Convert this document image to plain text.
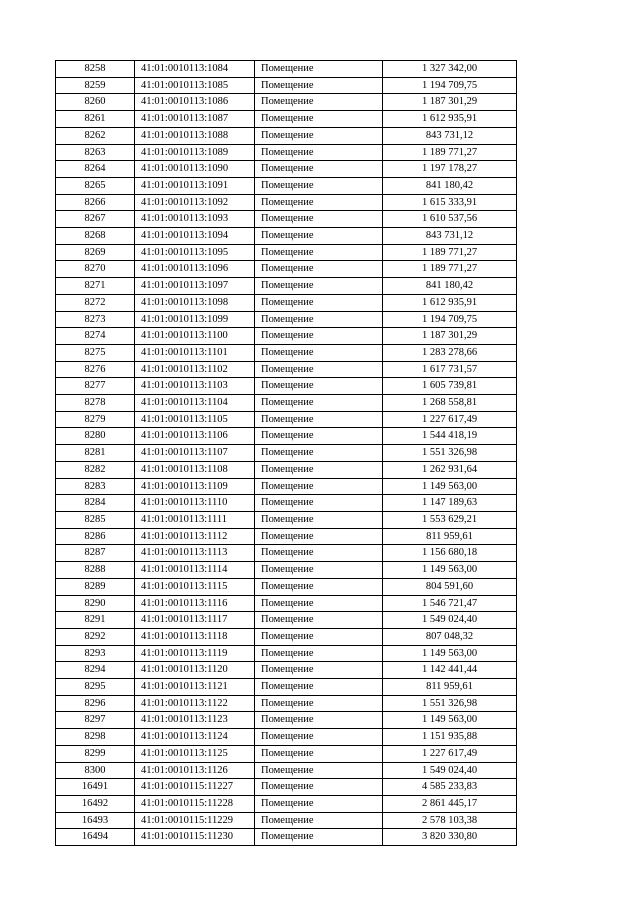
8258	41:01:0010113:1084	Помещение	1 327 342,00
8259	41:01:0010113:1085	Помещение	1 194 709,75
8260	41:01:0010113:1086	Помещение	1 187 301,29
8261	41:01:0010113:1087	Помещение	1 612 935,91
8262	41:01:0010113:1088	Помещение	843 731,12
8263	41:01:0010113:1089	Помещение	1 189 771,27
8264	41:01:0010113:1090	Помещение	1 197 178,27
8265	41:01:0010113:1091	Помещение	841 180,42
8266	41:01:0010113:1092	Помещение	1 615 333,91
8267	41:01:0010113:1093	Помещение	1 610 537,56
8268	41:01:0010113:1094	Помещение	843 731,12
8269	41:01:0010113:1095	Помещение	1 189 771,27
8270	41:01:0010113:1096	Помещение	1 189 771,27
8271	41:01:0010113:1097	Помещение	841 180,42
8272	41:01:0010113:1098	Помещение	1 612 935,91
8273	41:01:0010113:1099	Помещение	1 194 709,75
8274	41:01:0010113:1100	Помещение	1 187 301,29
8275	41:01:0010113:1101	Помещение	1 283 278,66
8276	41:01:0010113:1102	Помещение	1 617 731,57
8277	41:01:0010113:1103	Помещение	1 605 739,81
8278	41:01:0010113:1104	Помещение	1 268 558,81
8279	41:01:0010113:1105	Помещение	1 227 617,49
8280	41:01:0010113:1106	Помещение	1 544 418,19
8281	41:01:0010113:1107	Помещение	1 551 326,98
8282	41:01:0010113:1108	Помещение	1 262 931,64
8283	41:01:0010113:1109	Помещение	1 149 563,00
8284	41:01:0010113:1110	Помещение	1 147 189,63
8285	41:01:0010113:1111	Помещение	1 553 629,21
8286	41:01:0010113:1112	Помещение	811 959,61
8287	41:01:0010113:1113	Помещение	1 156 680,18
8288	41:01:0010113:1114	Помещение	1 149 563,00
8289	41:01:0010113:1115	Помещение	804 591,60
8290	41:01:0010113:1116	Помещение	1 546 721,47
8291	41:01:0010113:1117	Помещение	1 549 024,40
8292	41:01:0010113:1118	Помещение	807 048,32
8293	41:01:0010113:1119	Помещение	1 149 563,00
8294	41:01:0010113:1120	Помещение	1 142 441,44
8295	41:01:0010113:1121	Помещение	811 959,61
8296	41:01:0010113:1122	Помещение	1 551 326,98
8297	41:01:0010113:1123	Помещение	1 149 563,00
8298	41:01:0010113:1124	Помещение	1 151 935,88
8299	41:01:0010113:1125	Помещение	1 227 617,49
8300	41:01:0010113:1126	Помещение	1 549 024,40
16491	41:01:0010115:11227	Помещение	4 585 233,83
16492	41:01:0010115:11228	Помещение	2 861 445,17
16493	41:01:0010115:11229	Помещение	2 578 103,38
16494	41:01:0010115:11230	Помещение	3 820 330,80
